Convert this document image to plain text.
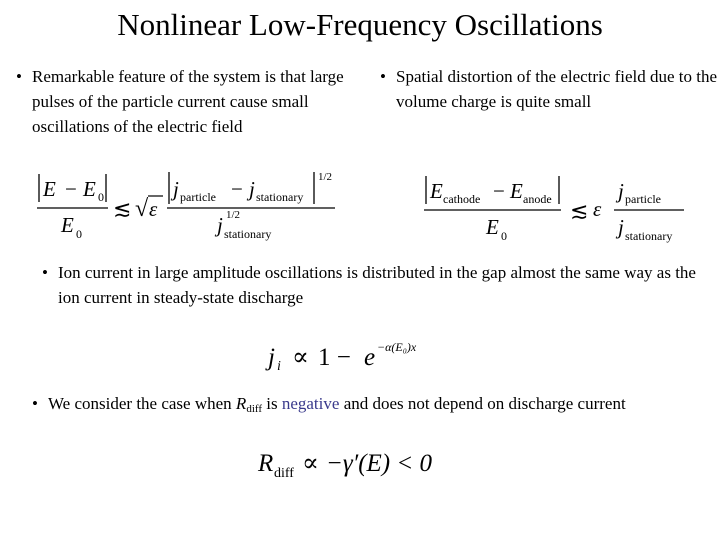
Nonlinear Low-Frequency Oscillations
• Remarkable feature of the system is that large pulses of the particle current cause small oscillations of the electric field
• Spatial distortion of the electric field due to the volume charge is quite small
E − E 0
E 0
≲ √ ε
j particle − j stationary
1/2
j stationary
1/2
E cathode − E anode
E 0
≲ ε
j particle
j stationary
• Ion current in large amplitude oscillations is distributed in the gap almost the same way as the ion current in steady-state discharge
j i ∝ 1 − e −α(E₀)x
• We consider the case when $R_{diff}$ is negative and does not depend on discharge current
R diff ∝ −γ′(E) < 0
